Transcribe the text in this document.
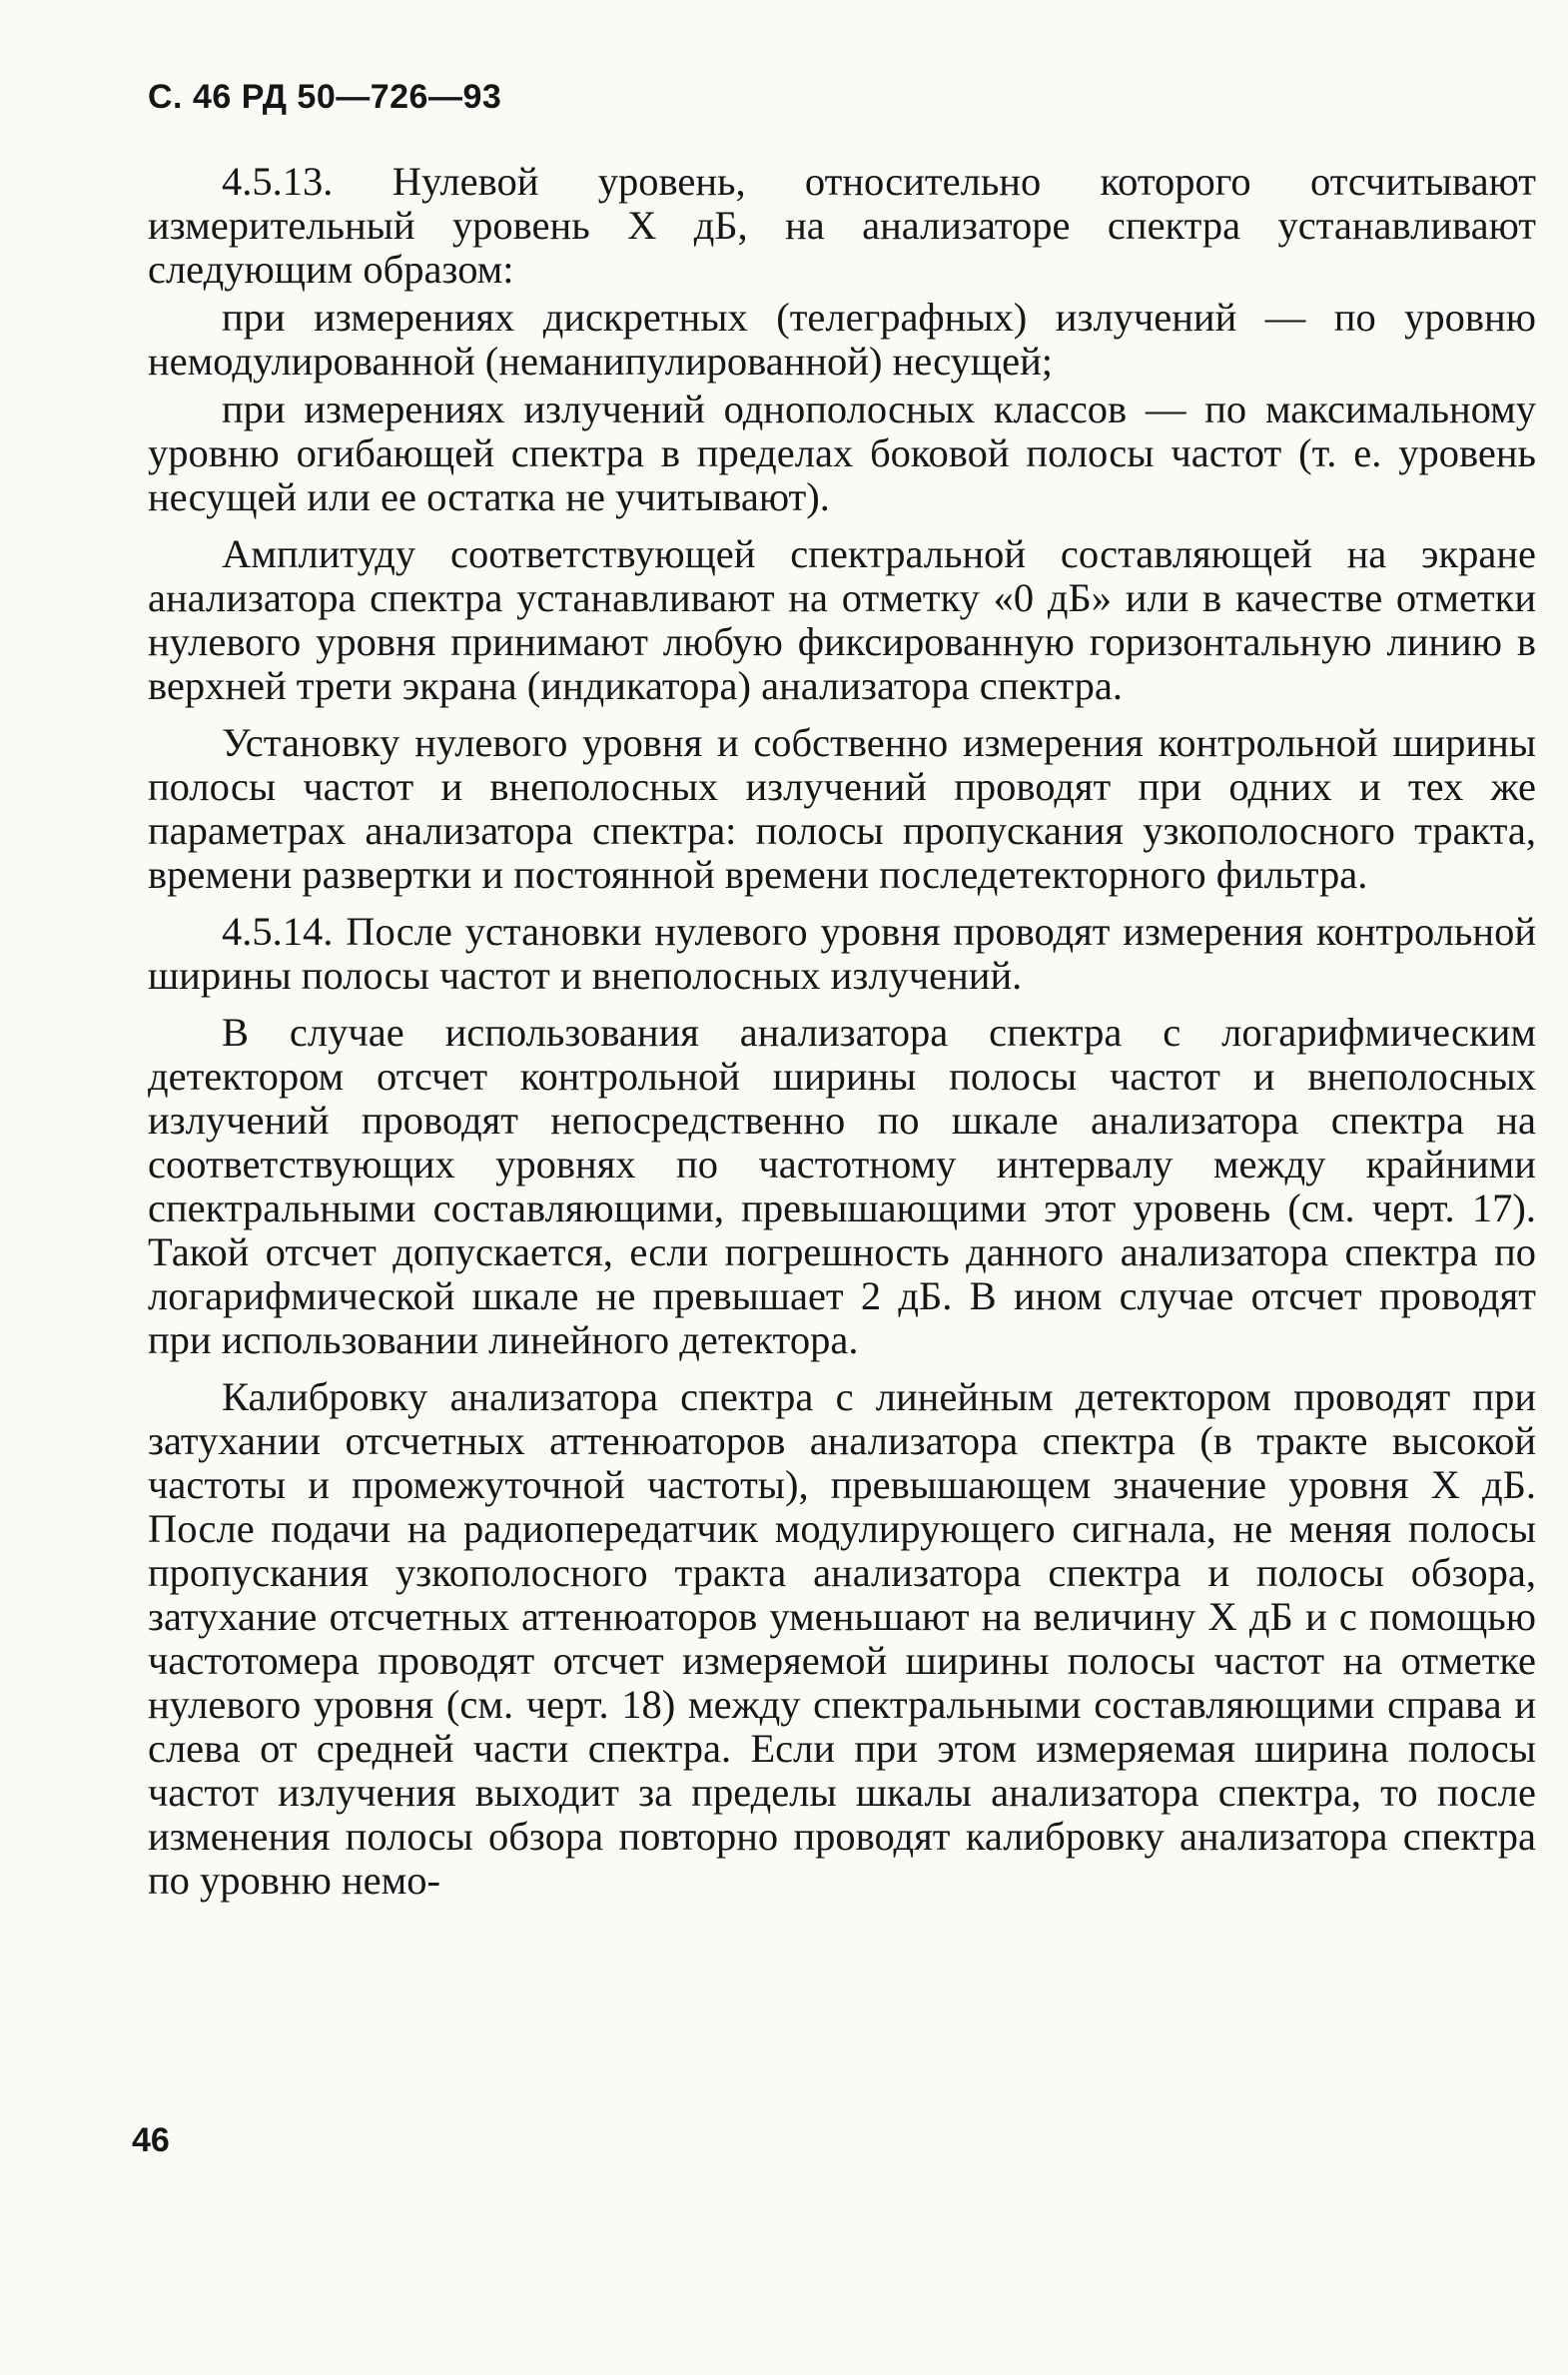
С. 46 РД 50—726—93

4.5.13. Нулевой уровень, относительно которого отсчитывают измерительный уровень X дБ, на анализаторе спектра устанавливают следующим образом:

при измерениях дискретных (телеграфных) излучений — по уровню немодулированной (неманипулированной) несущей;

при измерениях излучений однополосных классов — по максимальному уровню огибающей спектра в пределах боковой полосы частот (т. е. уровень несущей или ее остатка не учитывают).

Амплитуду соответствующей спектральной составляющей на экране анализатора спектра устанавливают на отметку «0 дБ» или в качестве отметки нулевого уровня принимают любую фиксированную горизонтальную линию в верхней трети экрана (индикатора) анализатора спектра.

Установку нулевого уровня и собственно измерения контрольной ширины полосы частот и внеполосных излучений проводят при одних и тех же параметрах анализатора спектра: полосы пропускания узкополосного тракта, времени развертки и постоянной времени последетекторного фильтра.

4.5.14. После установки нулевого уровня проводят измерения контрольной ширины полосы частот и внеполосных излучений.

В случае использования анализатора спектра с логарифмическим детектором отсчет контрольной ширины полосы частот и внеполосных излучений проводят непосредственно по шкале анализатора спектра на соответствующих уровнях по частотному интервалу между крайними спектральными составляющими, превышающими этот уровень (см. черт. 17). Такой отсчет допускается, если погрешность данного анализатора спектра по логарифмической шкале не превышает 2 дБ. В ином случае отсчет проводят при использовании линейного детектора.

Калибровку анализатора спектра с линейным детектором проводят при затухании отсчетных аттенюаторов анализатора спектра (в тракте высокой частоты и промежуточной частоты), превышающем значение уровня X дБ. После подачи на радиопередатчик модулирующего сигнала, не меняя полосы пропускания узкополосного тракта анализатора спектра и полосы обзора, затухание отсчетных аттенюаторов уменьшают на величину X дБ и с помощью частотомера проводят отсчет измеряемой ширины полосы частот на отметке нулевого уровня (см. черт. 18) между спектральными составляющими справа и слева от средней части спектра. Если при этом измеряемая ширина полосы частот излучения выходит за пределы шкалы анализатора спектра, то после изменения полосы обзора повторно проводят калибровку анализатора спектра по уровню немо-

46
